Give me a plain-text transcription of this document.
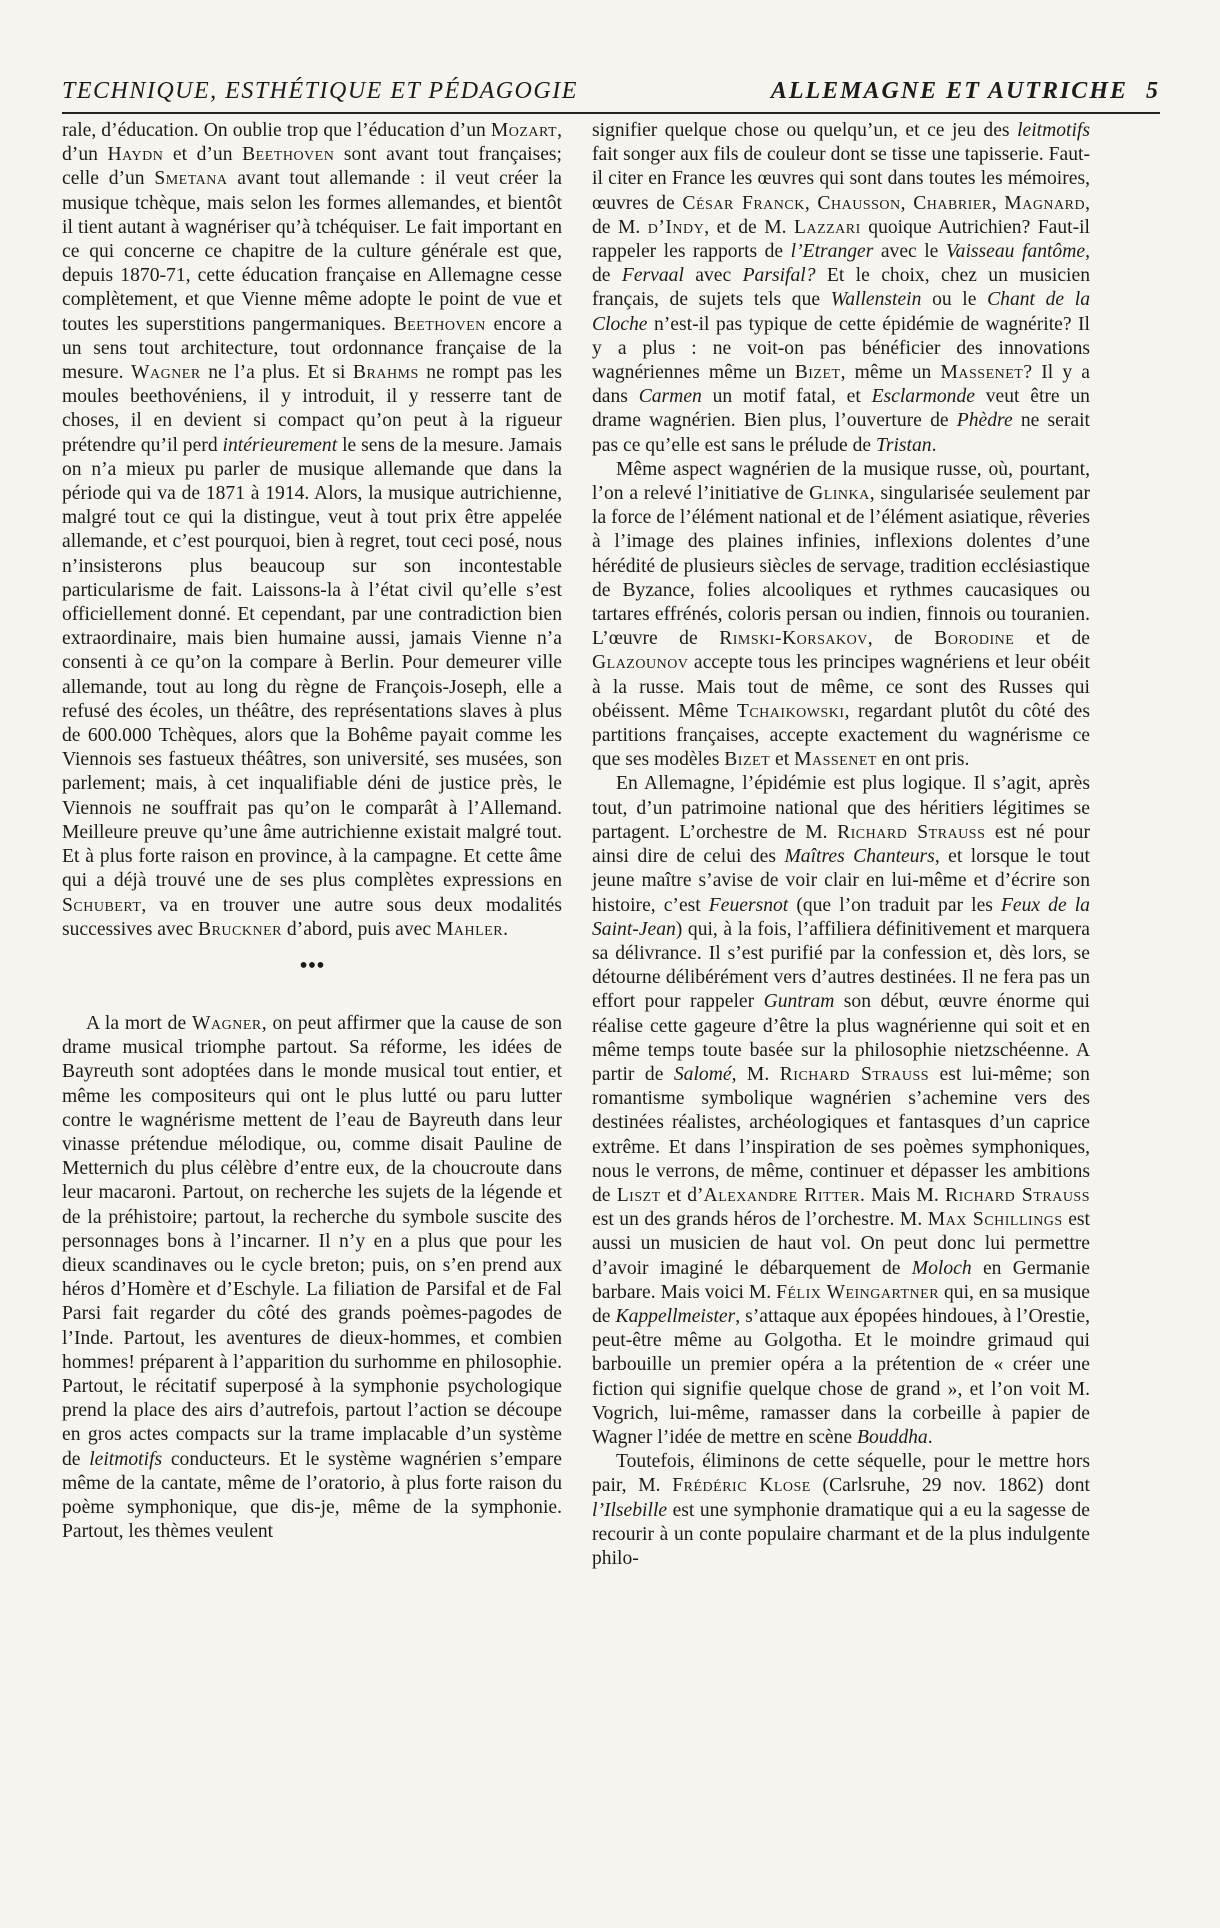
TECHNIQUE, ESTHÉTIQUE ET PÉDAGOGIE	ALLEMAGNE ET AUTRICHE 5

rale, d’éducation. On oublie trop que l’éducation d’un Mozart, d’un Haydn et d’un Beethoven sont avant tout françaises; celle d’un Smetana avant tout allemande : il veut créer la musique tchèque, mais selon les formes allemandes, et bientôt il tient autant à wagnériser qu’à tchéquiser. Le fait important en ce qui concerne ce chapitre de la culture générale est que, depuis 1870-71, cette éducation française en Allemagne cesse complètement, et que Vienne même adopte le point de vue et toutes les superstitions pangermaniques. Beethoven encore a un sens tout architecture, tout ordonnance française de la mesure. Wagner ne l’a plus. Et si Brahms ne rompt pas les moules beethovéniens, il y introduit, il y resserre tant de choses, il en devient si compact qu’on peut à la rigueur prétendre qu’il perd intérieurement le sens de la mesure. Jamais on n’a mieux pu parler de musique allemande que dans la période qui va de 1871 à 1914. Alors, la musique autrichienne, malgré tout ce qui la distingue, veut à tout prix être appelée allemande, et c’est pourquoi, bien à regret, tout ceci posé, nous n’insisterons plus beaucoup sur son incontestable particularisme de fait. Laissons-la à l’état civil qu’elle s’est officiellement donné. Et cependant, par une contradiction bien extraordinaire, mais bien humaine aussi, jamais Vienne n’a consenti à ce qu’on la compare à Berlin. Pour demeurer ville allemande, tout au long du règne de François-Joseph, elle a refusé des écoles, un théâtre, des représentations slaves à plus de 600.000 Tchèques, alors que la Bohême payait comme les Viennois ses fastueux théâtres, son université, ses musées, son parlement; mais, à cet inqualifiable déni de justice près, le Viennois ne souffrait pas qu’on le comparât à l’Allemand. Meilleure preuve qu’une âme autrichienne existait malgré tout. Et à plus forte raison en province, à la campagne. Et cette âme qui a déjà trouvé une de ses plus complètes expressions en Schubert, va en trouver une autre sous deux modalités successives avec Bruckner d’abord, puis avec Mahler.

•••

A la mort de Wagner, on peut affirmer que la cause de son drame musical triomphe partout. Sa réforme, les idées de Bayreuth sont adoptées dans le monde musical tout entier, et même les compositeurs qui ont le plus lutté ou paru lutter contre le wagnérisme mettent de l’eau de Bayreuth dans leur vinasse prétendue mélodique, ou, comme disait Pauline de Metternich du plus célèbre d’entre eux, de la choucroute dans leur macaroni. Partout, on recherche les sujets de la légende et de la préhistoire; partout, la recherche du symbole suscite des personnages bons à l’incarner. Il n’y en a plus que pour les dieux scandinaves ou le cycle breton; puis, on s’en prend aux héros d’Homère et d’Eschyle. La filiation de Parsifal et de Fal Parsi fait regarder du côté des grands poèmes-pagodes de l’Inde. Partout, les aventures de dieux-hommes, et combien hommes! préparent à l’apparition du surhomme en philosophie. Partout, le récitatif superposé à la symphonie psychologique prend la place des airs d’autrefois, partout l’action se découpe en gros actes compacts sur la trame implacable d’un système de leitmotifs conducteurs. Et le système wagnérien s’empare même de la cantate, même de l’oratorio, à plus forte raison du poème symphonique, que dis-je, même de la symphonie. Partout, les thèmes veulent

signifier quelque chose ou quelqu’un, et ce jeu des leitmotifs fait songer aux fils de couleur dont se tisse une tapisserie. Faut-il citer en France les œuvres qui sont dans toutes les mémoires, œuvres de César Franck, Chausson, Chabrier, Magnard, de M. d’Indy, et de M. Lazzari quoique Autrichien? Faut-il rappeler les rapports de l’Etranger avec le Vaisseau fantôme, de Fervaal avec Parsifal? Et le choix, chez un musicien français, de sujets tels que Wallenstein ou le Chant de la Cloche n’est-il pas typique de cette épidémie de wagnérite? Il y a plus : ne voit-on pas bénéficier des innovations wagnériennes même un Bizet, même un Massenet? Il y a dans Carmen un motif fatal, et Esclarmonde veut être un drame wagnérien. Bien plus, l’ouverture de Phèdre ne serait pas ce qu’elle est sans le prélude de Tristan.

Même aspect wagnérien de la musique russe, où, pourtant, l’on a relevé l’initiative de Glinka, singularisée seulement par la force de l’élément national et de l’élément asiatique, rêveries à l’image des plaines infinies, inflexions dolentes d’une hérédité de plusieurs siècles de servage, tradition ecclésiastique de Byzance, folies alcooliques et rythmes caucasiques ou tartares effrénés, coloris persan ou indien, finnois ou touranien. L’œuvre de Rimski-Korsakov, de Borodine et de Glazounov accepte tous les principes wagnériens et leur obéit à la russe. Mais tout de même, ce sont des Russes qui obéissent. Même Tchaikowski, regardant plutôt du côté des partitions françaises, accepte exactement du wagnérisme ce que ses modèles Bizet et Massenet en ont pris.

En Allemagne, l’épidémie est plus logique. Il s’agit, après tout, d’un patrimoine national que des héritiers légitimes se partagent. L’orchestre de M. Richard Strauss est né pour ainsi dire de celui des Maîtres Chanteurs, et lorsque le tout jeune maître s’avise de voir clair en lui-même et d’écrire son histoire, c’est Feuersnot (que l’on traduit par les Feux de la Saint-Jean) qui, à la fois, l’affiliera définitivement et marquera sa délivrance. Il s’est purifié par la confession et, dès lors, se détourne délibérément vers d’autres destinées. Il ne fera pas un effort pour rappeler Guntram son début, œuvre énorme qui réalise cette gageure d’être la plus wagnérienne qui soit et en même temps toute basée sur la philosophie nietzschéenne. A partir de Salomé, M. Richard Strauss est lui-même; son romantisme symbolique wagnérien s’achemine vers des destinées réalistes, archéologiques et fantasques d’un caprice extrême. Et dans l’inspiration de ses poèmes symphoniques, nous le verrons, de même, continuer et dépasser les ambitions de Liszt et d’Alexandre Ritter. Mais M. Richard Strauss est un des grands héros de l’orchestre. M. Max Schillings est aussi un musicien de haut vol. On peut donc lui permettre d’avoir imaginé le débarquement de Moloch en Germanie barbare. Mais voici M. Félix Weingartner qui, en sa musique de Kappellmeister, s’attaque aux épopées hindoues, à l’Orestie, peut-être même au Golgotha. Et le moindre grimaud qui barbouille un premier opéra a la prétention de « créer une fiction qui signifie quelque chose de grand », et l’on voit M. Vogrich, lui-même, ramasser dans la corbeille à papier de Wagner l’idée de mettre en scène Bouddha.

Toutefois, éliminons de cette séquelle, pour le mettre hors pair, M. Frédéric Klose (Carlsruhe, 29 nov. 1862) dont l’Ilsebille est une symphonie dramatique qui a eu la sagesse de recourir à un conte populaire charmant et de la plus indulgente philo-
